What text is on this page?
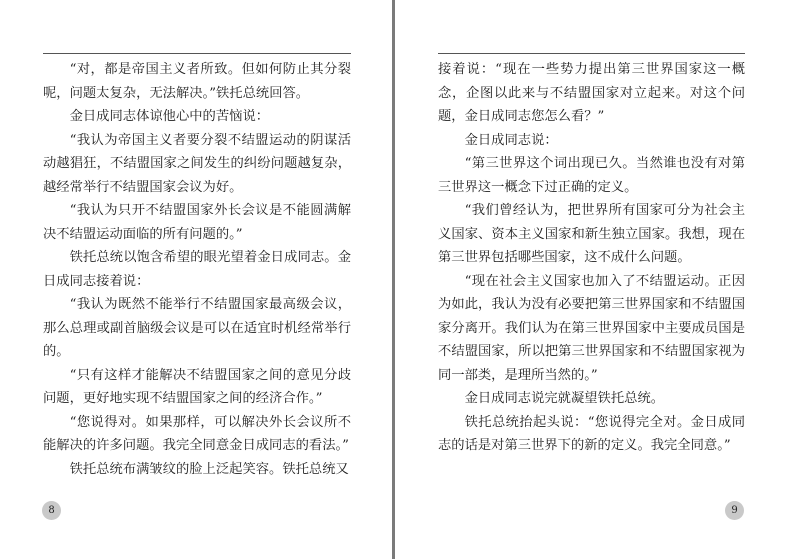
“对，都是帝国主义者所致。但如何防止其分裂呢，问题太复杂，无法解决。”铁托总统回答。

金日成同志体谅他心中的苦恼说：

“我认为帝国主义者要分裂不结盟运动的阴谋活动越猖狂，不结盟国家之间发生的纠纷问题越复杂，越经常举行不结盟国家会议为好。

“我认为只开不结盟国家外长会议是不能圆满解决不结盟运动面临的所有问题的。”

铁托总统以饱含希望的眼光望着金日成同志。金日成同志接着说：

“我认为既然不能举行不结盟国家最高级会议，那么总理或副首脑级会议是可以在适宜时机经常举行的。

“只有这样才能解决不结盟国家之间的意见分歧问题，更好地实现不结盟国家之间的经济合作。”

“您说得对。如果那样，可以解决外长会议所不能解决的许多问题。我完全同意金日成同志的看法。”

铁托总统布满皱纹的脸上泛起笑容。铁托总统又

8

接着说：“现在一些势力提出第三世界国家这一概念，企图以此来与不结盟国家对立起来。对这个问题，金日成同志您怎么看？”

金日成同志说：

“第三世界这个词出现已久。当然谁也没有对第三世界这一概念下过正确的定义。

“我们曾经认为，把世界所有国家可分为社会主义国家、资本主义国家和新生独立国家。我想，现在第三世界包括哪些国家，这不成什么问题。

“现在社会主义国家也加入了不结盟运动。正因为如此，我认为没有必要把第三世界国家和不结盟国家分离开。我们认为在第三世界国家中主要成员国是不结盟国家，所以把第三世界国家和不结盟国家视为同一部类，是理所当然的。”

金日成同志说完就凝望铁托总统。

铁托总统抬起头说：“您说得完全对。金日成同志的话是对第三世界下的新的定义。我完全同意。”

9
